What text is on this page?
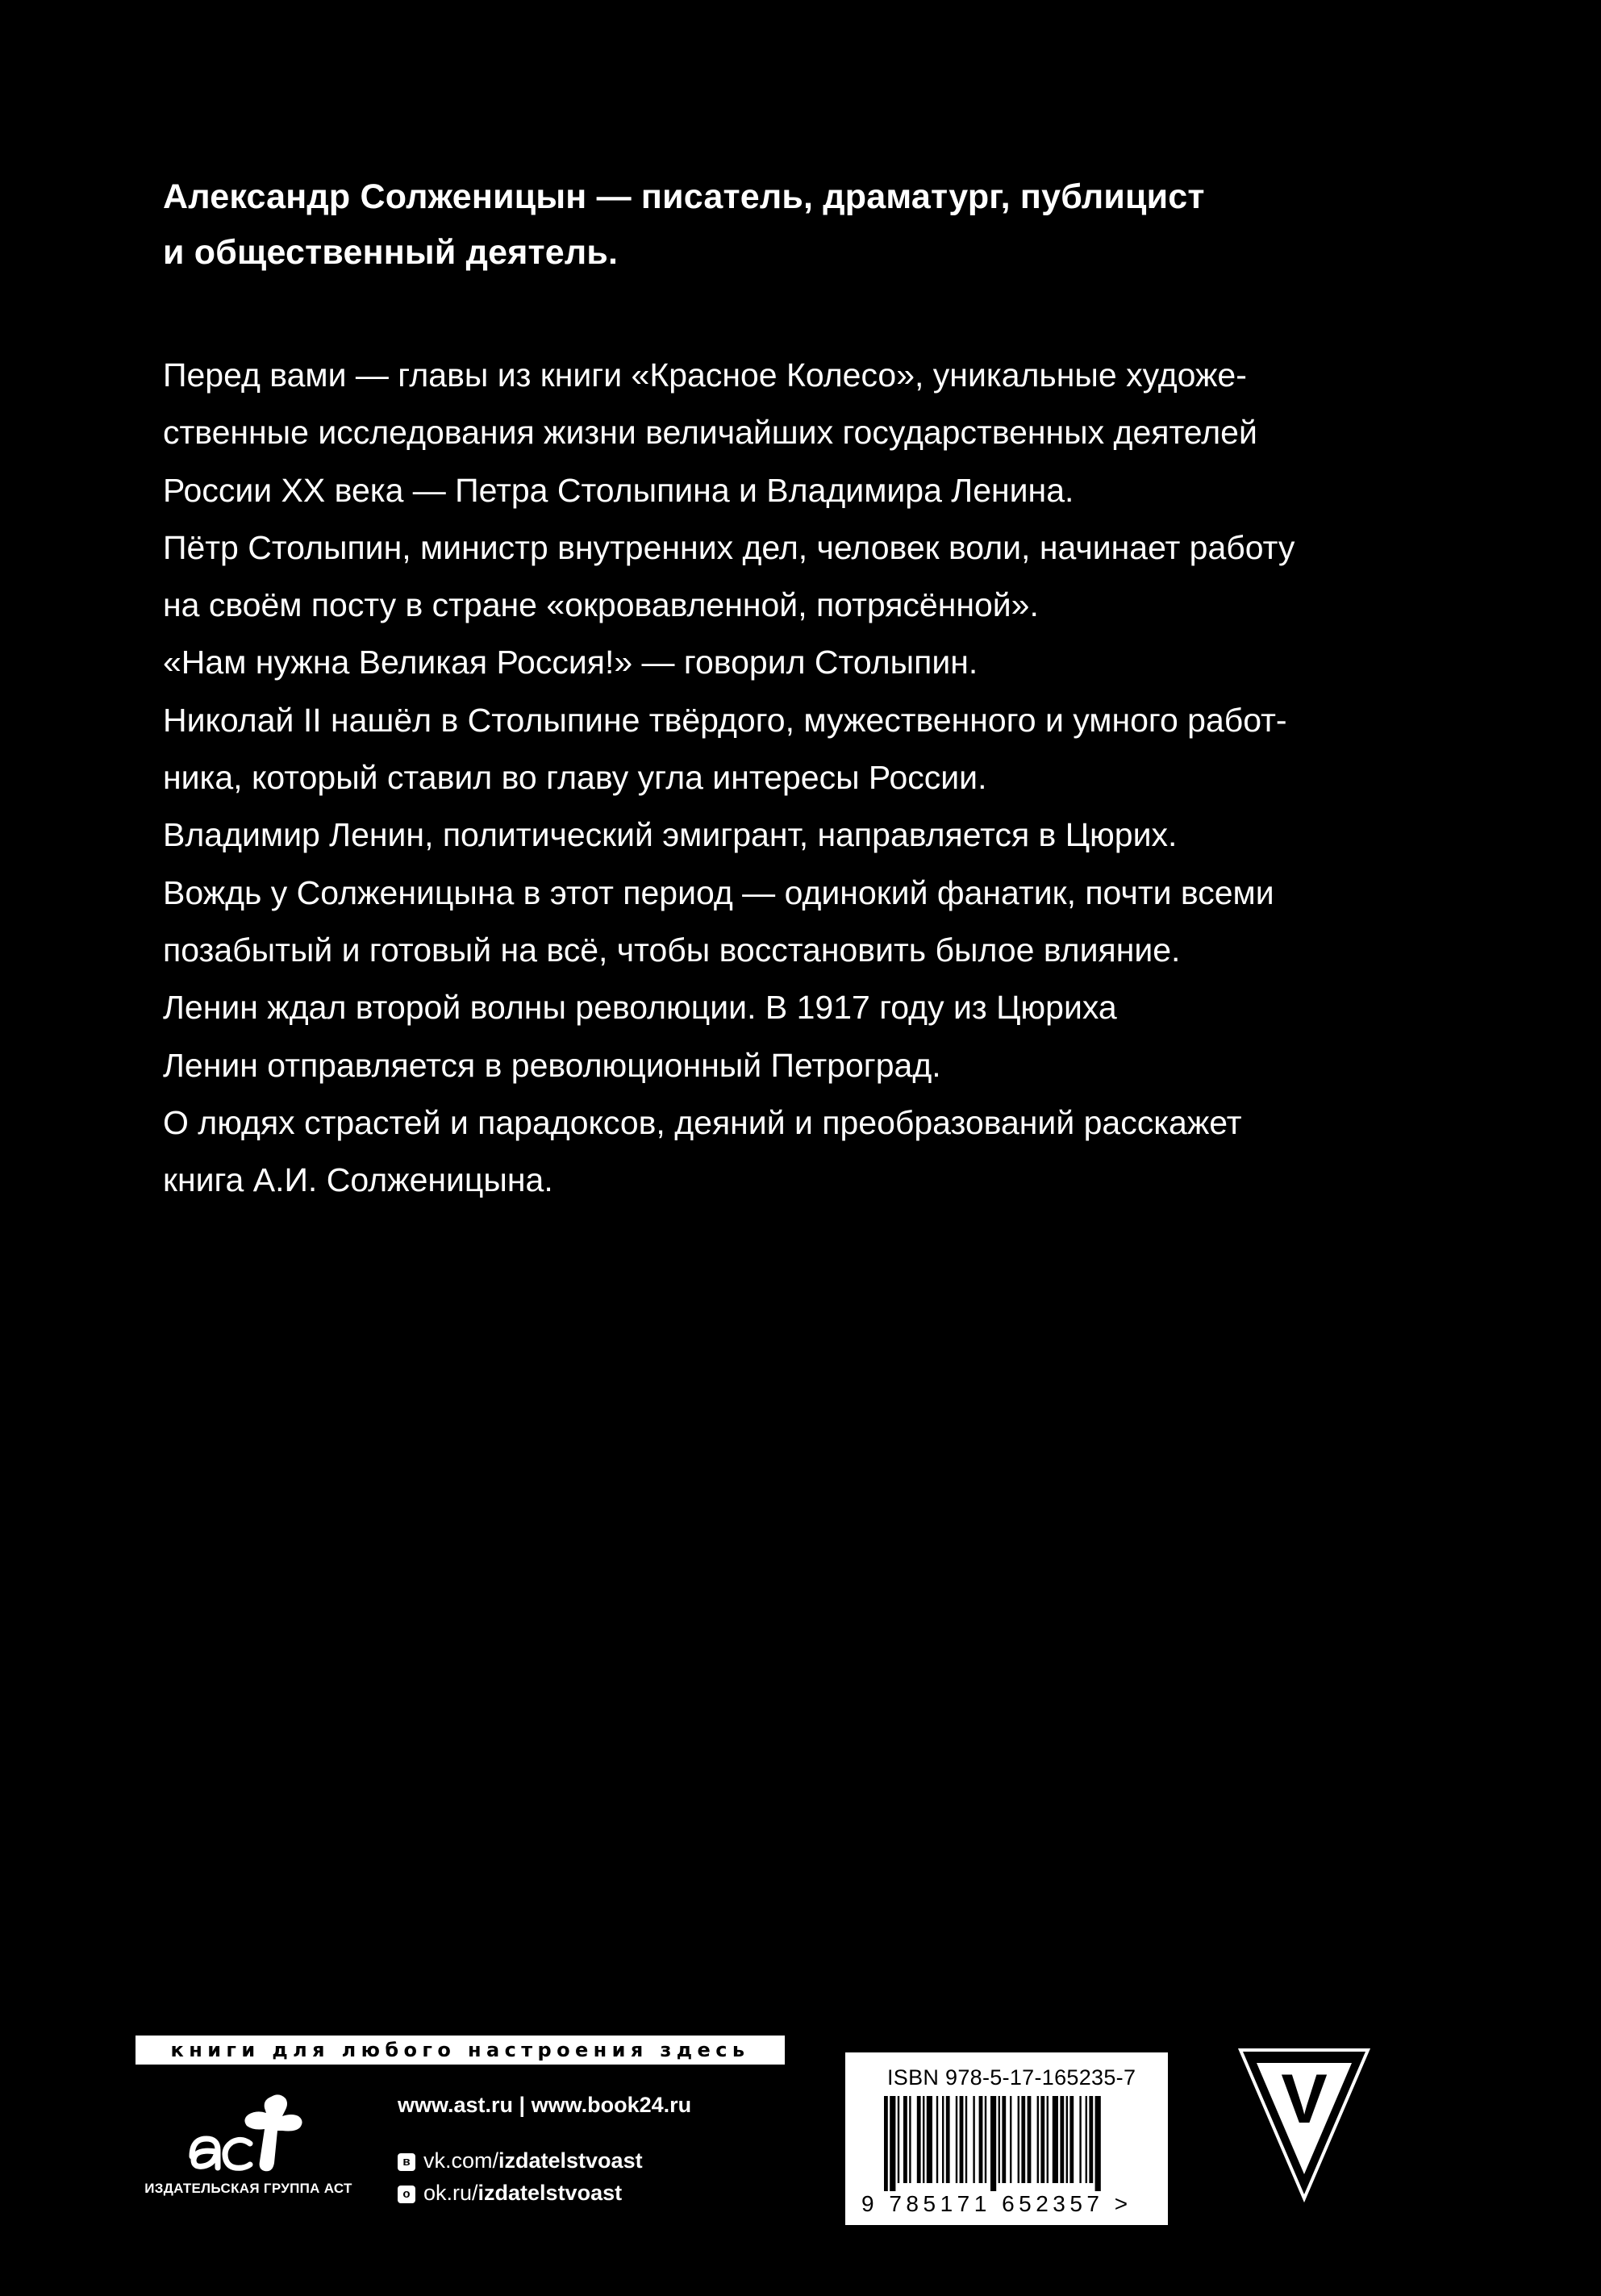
Александр Солженицын — писатель, драматург, публицист
и общественный деятель.
Перед вами — главы из книги «Красное Колесо», уникальные художе-
ственные исследования жизни величайших государственных деятелей
России XX века — Петра Столыпина и Владимира Ленина.
Пётр Столыпин, министр внутренних дел, человек воли, начинает работу
на своём посту в стране «окровавленной, потрясённой».
«Нам нужна Великая Россия!» — говорил Столыпин.
Николай II нашёл в Столыпине твёрдого, мужественного и умного работ-
ника, который ставил во главу угла интересы России.
Владимир Ленин, политический эмигрант, направляется в Цюрих.
Вождь у Солженицына в этот период — одинокий фанатик, почти всеми
позабытый и готовый на всё, чтобы восстановить былое влияние.
Ленин ждал второй волны революции. В 1917 году из Цюриха
Ленин отправляется в революционный Петроград.
О людях страстей и парадоксов, деяний и преобразований расскажет
книга А.И. Солженицына.
книги для любого настроения здесь
ИЗДАТЕЛЬСКАЯ ГРУППА АСТ
www.ast.ru | www.book24.ru
в vk.com/izdatelstvoast
о ok.ru/izdatelstvoast
ISBN 978-5-17-165235-7
9 785171 652357 >
V
